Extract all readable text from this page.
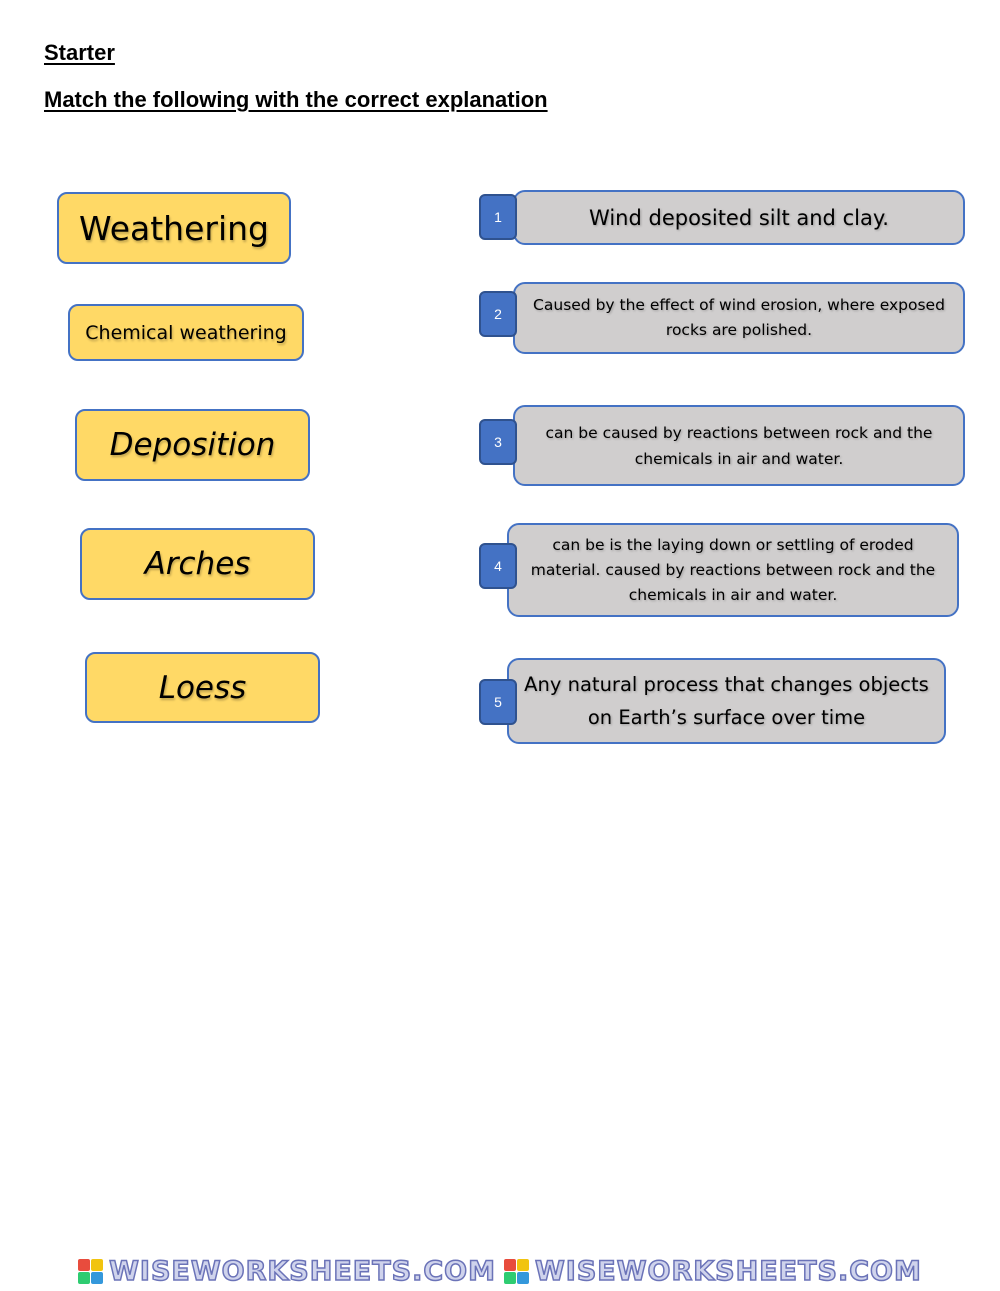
Starter
Match the following with the correct explanation
Weathering
Chemical weathering
Deposition
Arches
Loess
Wind deposited silt and clay.
Caused by the effect of wind erosion, where exposed rocks are polished.
can be caused by reactions between rock and the chemicals in air and water.
can be is the laying down or settling of eroded material. caused by reactions between rock and the chemicals in air and water.
Any natural process that changes objects on Earth’s surface over time
1
2
3
4
5
WISEWORKSHEETS.COM WISEWORKSHEETS.COM
